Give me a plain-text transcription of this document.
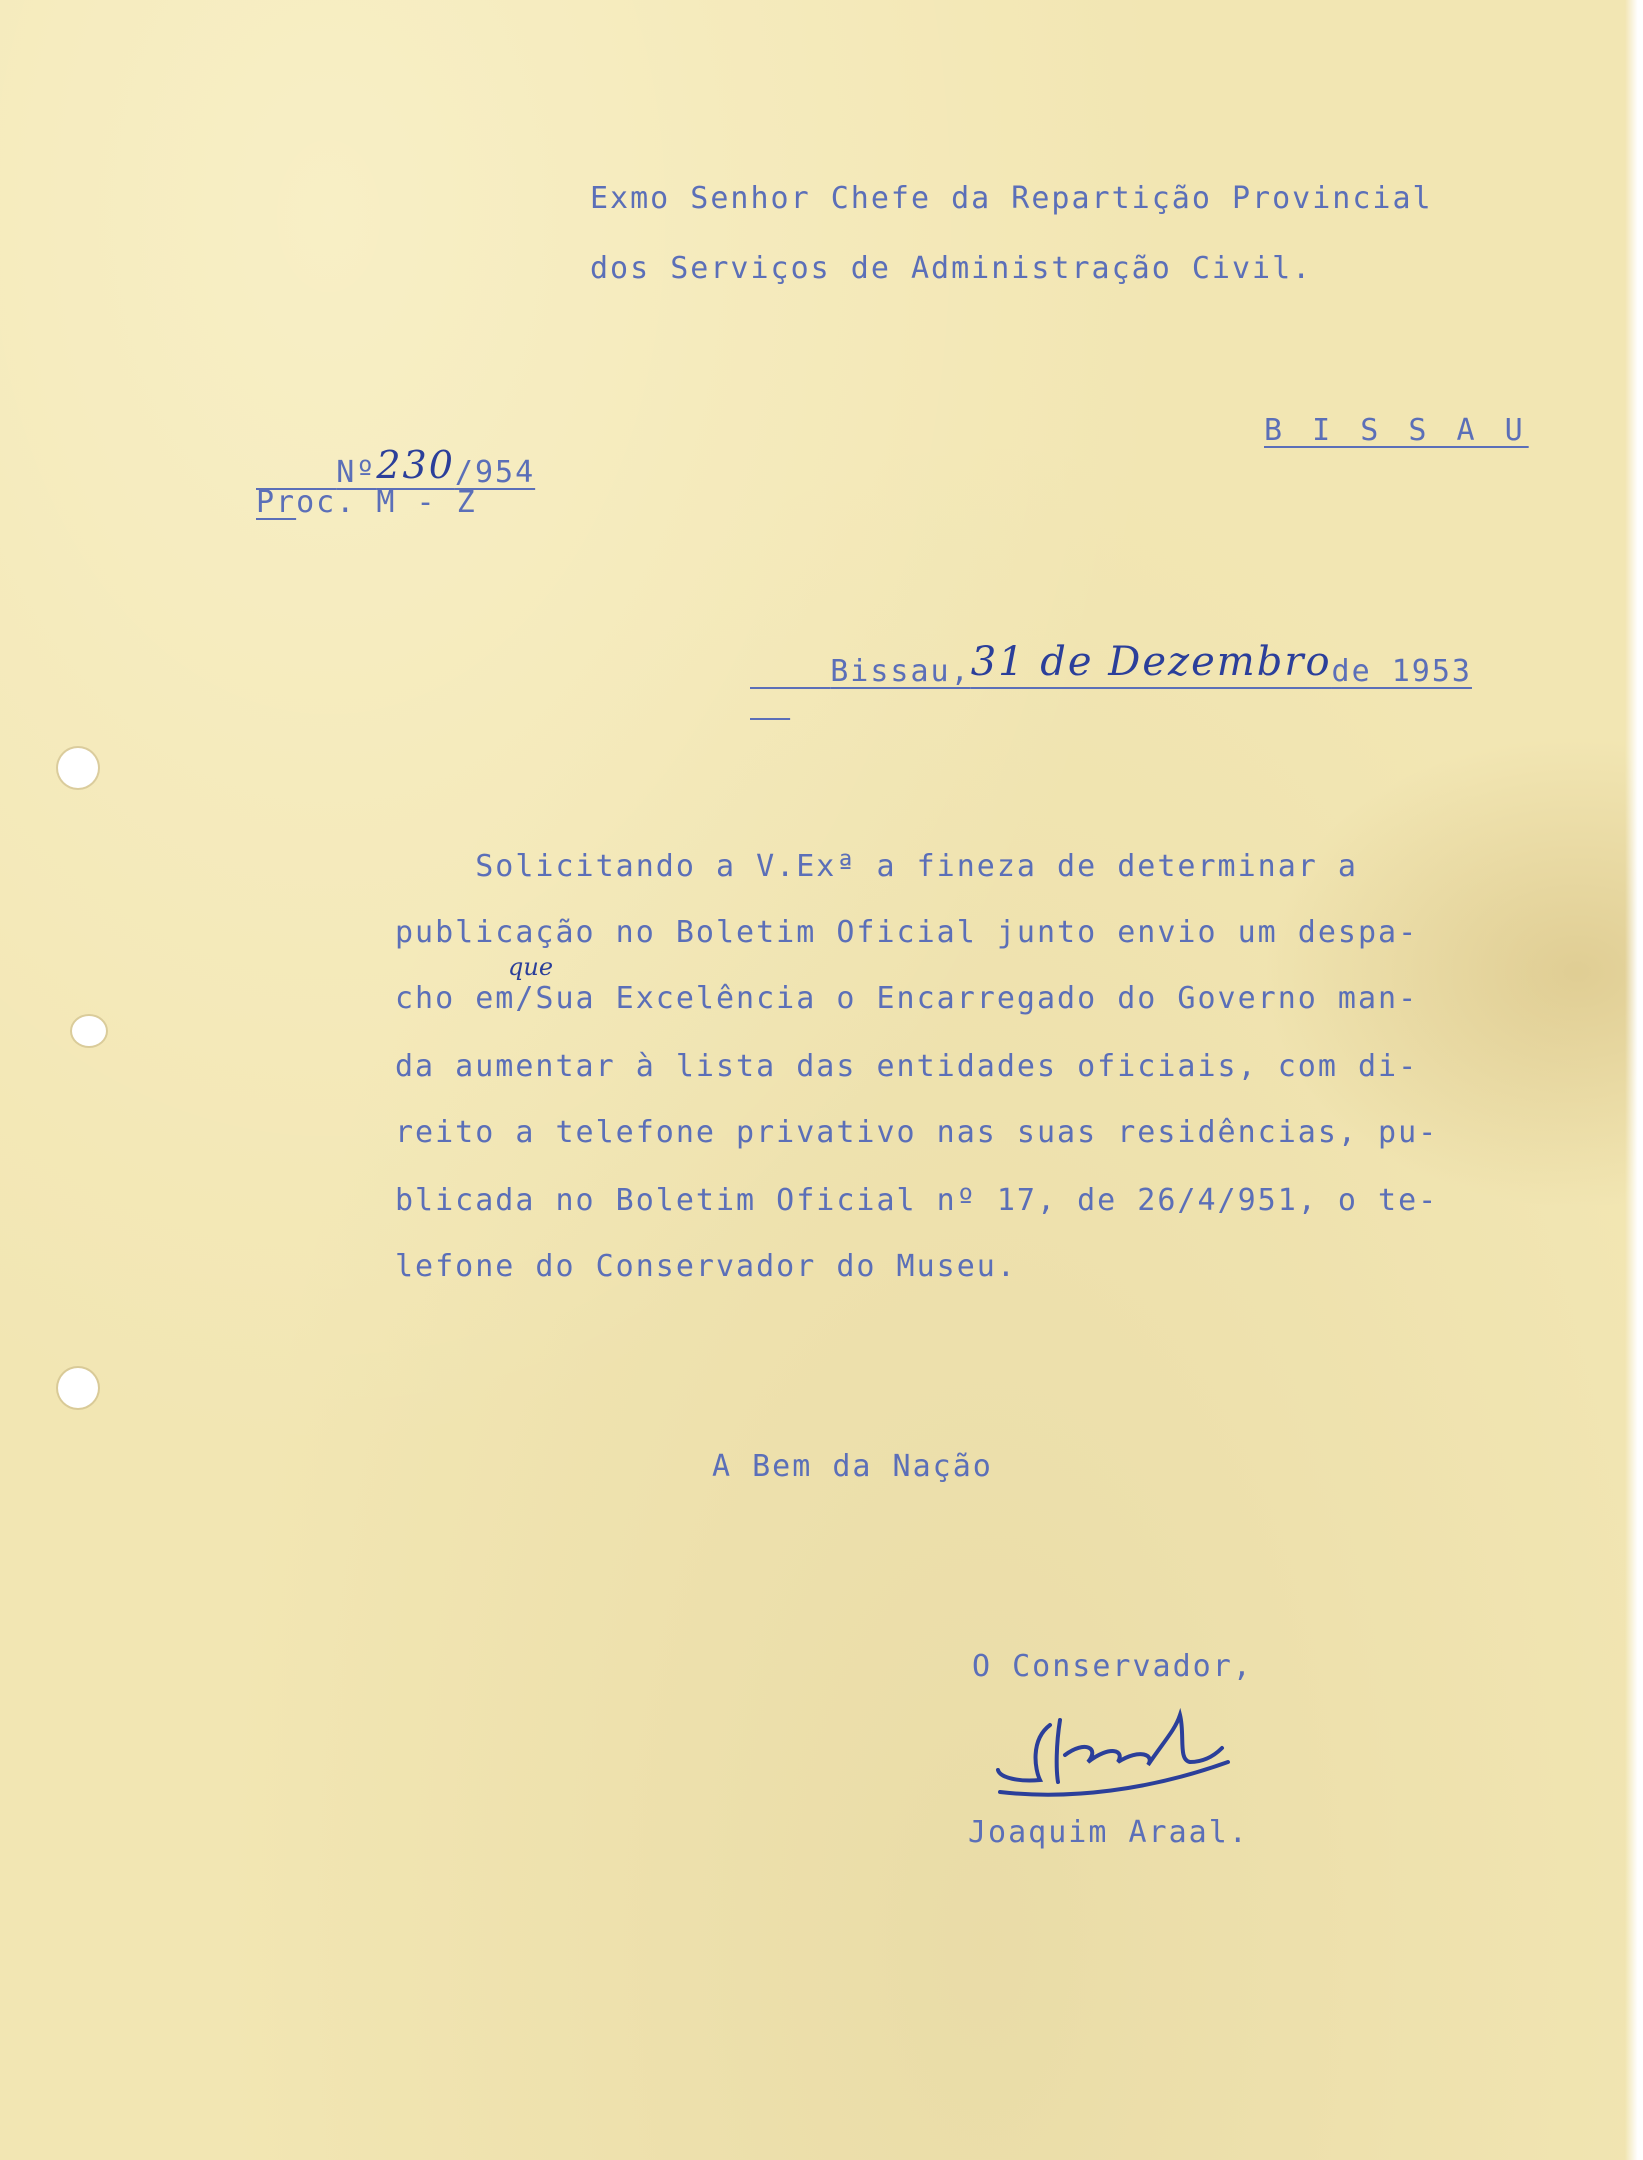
Exmo Senhor Chefe da Repartição Provincial
dos Serviços de Administração Civil.

Nº230/954

Proc. M - Z
B I S S A U

Bissau,31 de Dezembrode 1953

Solicitando a V.Exª a fineza de determinar a
publicação no Boletim Oficial junto envio um despa-
que
cho em/Sua Excelência o Encarregado do Governo man-
da aumentar à lista das entidades oficiais, com di-
reito a telefone privativo nas suas residências, pu-
blicada no Boletim Oficial nº 17, de 26/4/951, o te-
lefone do Conservador do Museu.
A Bem da Nação
O Conservador,
Joaquim Araal.
